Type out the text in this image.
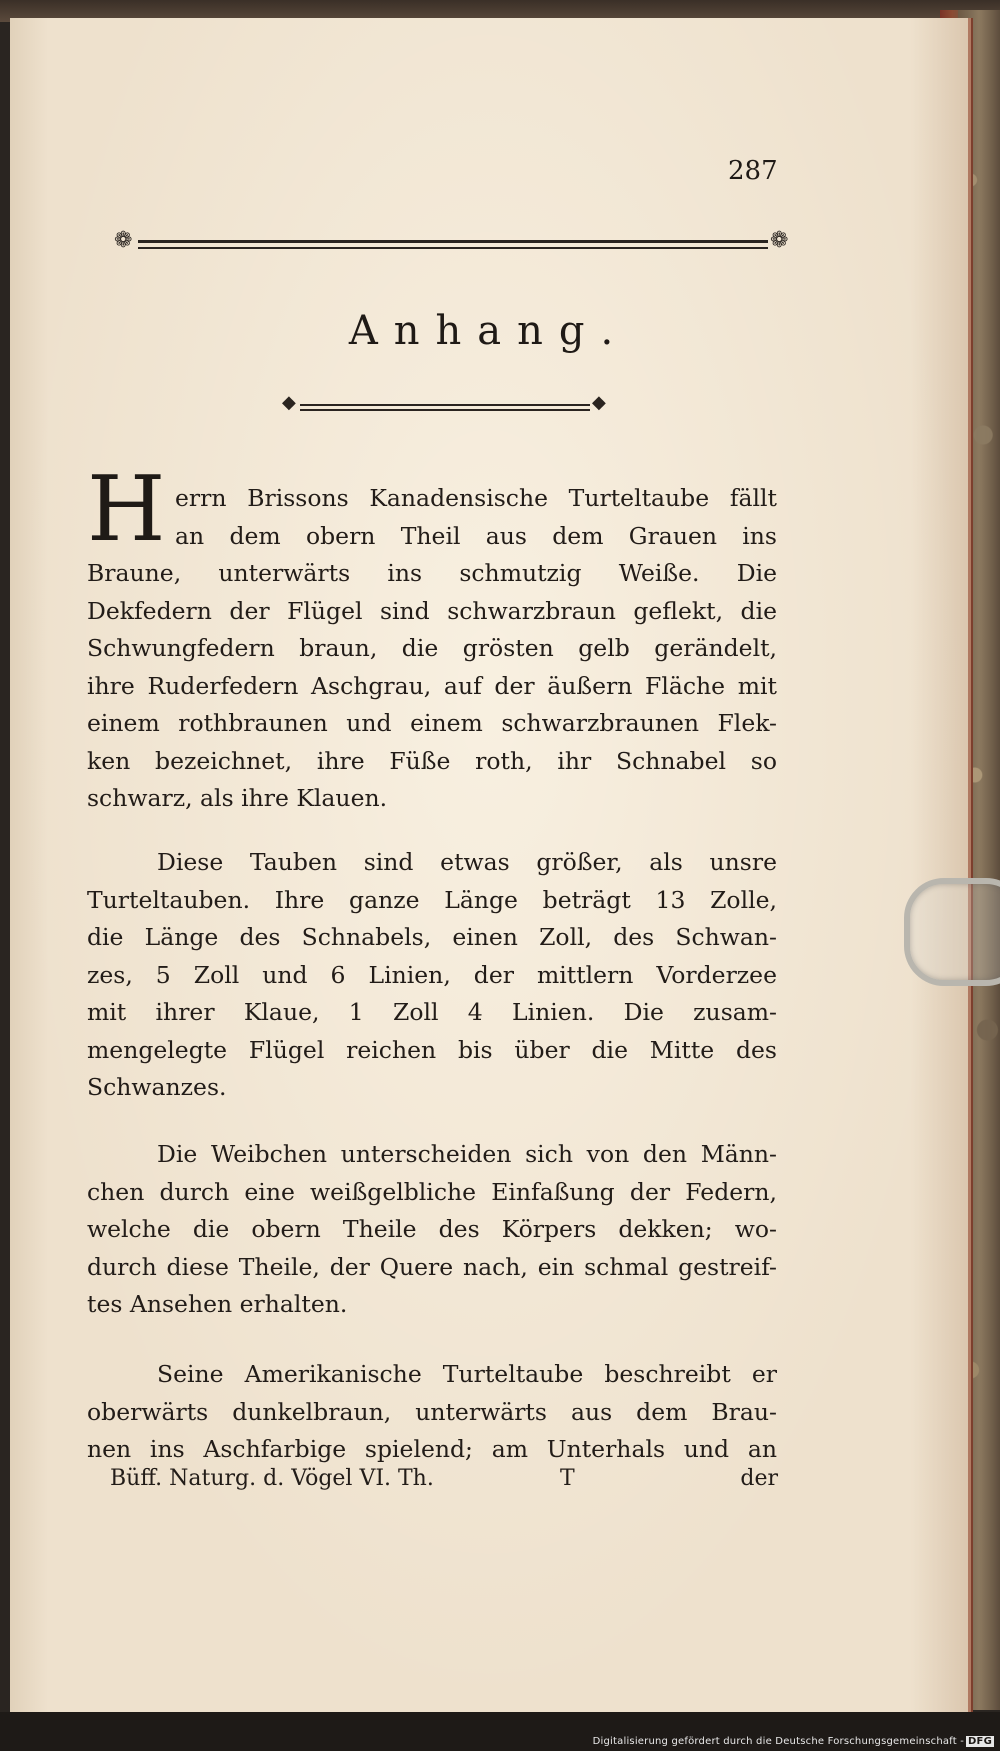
287
❁	❁
Anhang.
◆	◆
H errn Brissons Kanadensische Turteltaube fällt
an dem obern Theil aus dem Grauen ins
Braune, unterwärts ins schmutzig Weiße. Die
Dekfedern der Flügel sind schwarzbraun geflekt, die
Schwungfedern braun, die grösten gelb gerändelt,
ihre Ruderfedern Aschgrau, auf der äußern Fläche mit
einem rothbraunen und einem schwarzbraunen Flek-
ken bezeichnet, ihre Füße roth, ihr Schnabel so
schwarz, als ihre Klauen.

Diese Tauben sind etwas größer, als unsre
Turteltauben. Ihre ganze Länge beträgt 13 Zolle,
die Länge des Schnabels, einen Zoll, des Schwan-
zes, 5 Zoll und 6 Linien, der mittlern Vorderzee
mit ihrer Klaue, 1 Zoll 4 Linien. Die zusam-
mengelegte Flügel reichen bis über die Mitte des
Schwanzes.

Die Weibchen unterscheiden sich von den Männ-
chen durch eine weißgelbliche Einfaßung der Federn,
welche die obern Theile des Körpers dekken; wo-
durch diese Theile, der Quere nach, ein schmal gestreif-
tes Ansehen erhalten.

Seine Amerikanische Turteltaube beschreibt er
oberwärts dunkelbraun, unterwärts aus dem Brau-
nen ins Aschfarbige spielend; am Unterhals und an

Büff. Naturg. d. Vögel VI. Th.	T	der
Digitalisierung gefördert durch die Deutsche Forschungsgemeinschaft - DFG
